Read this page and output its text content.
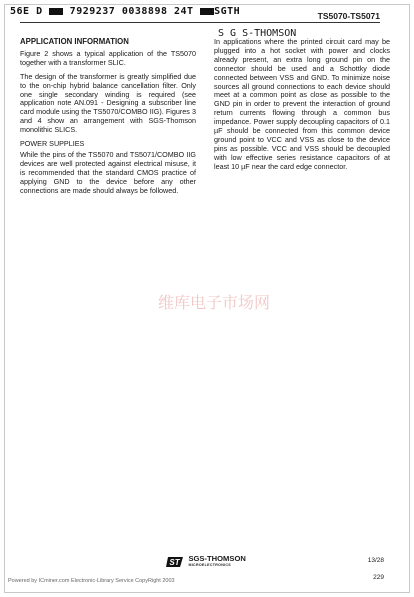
56E D	7929237 0038898 24T SGTH	TS5070-TS5071
S G S-THOMSON
APPLICATION INFORMATION

Figure 2 shows a typical application of the TS5070 together with a transformer SLIC.

The design of the transformer is greatly simplified due to the on-chip hybrid balance cancellation filter. Only one single secondary winding is required (see application note AN.091 - Designing a subscriber line card module using the TS5070/COMBO IIG). Figures 3 and 4 show an arrangement with SGS-Thomson monolithic SLICS.

POWER SUPPLIES

While the pins of the TS5070 and TS5071/COMBO IIG devices are well protected against electrical misuse, it is recommended that the standard CMOS practice of applying GND to the device before any other connections are made should always be followed.

In applications where the printed circuit card may be plugged into a hot socket with power and clocks already present, an extra long ground pin on the connector should be used and a Schottky diode connected between VSS and GND. To minimize noise sources all ground connections to each device should meet at a common point as close as possible to the GND pin in order to prevent the interaction of ground return currents flowing through a common bus impedance. Power supply decoupling capacitors of 0.1 µF should be connected from this common device ground point to VCC and VSS as close to the device pins as possible. VCC and VSS should be decoupled with low effective series resistance capacitors of at least 10 µF near the card edge connector.

维库电子市场网
ST SGS-THOMSON
MICROELECTRONICS
13/28
229
Powered by ICminer.com Electronic-Library Service CopyRight 2003
